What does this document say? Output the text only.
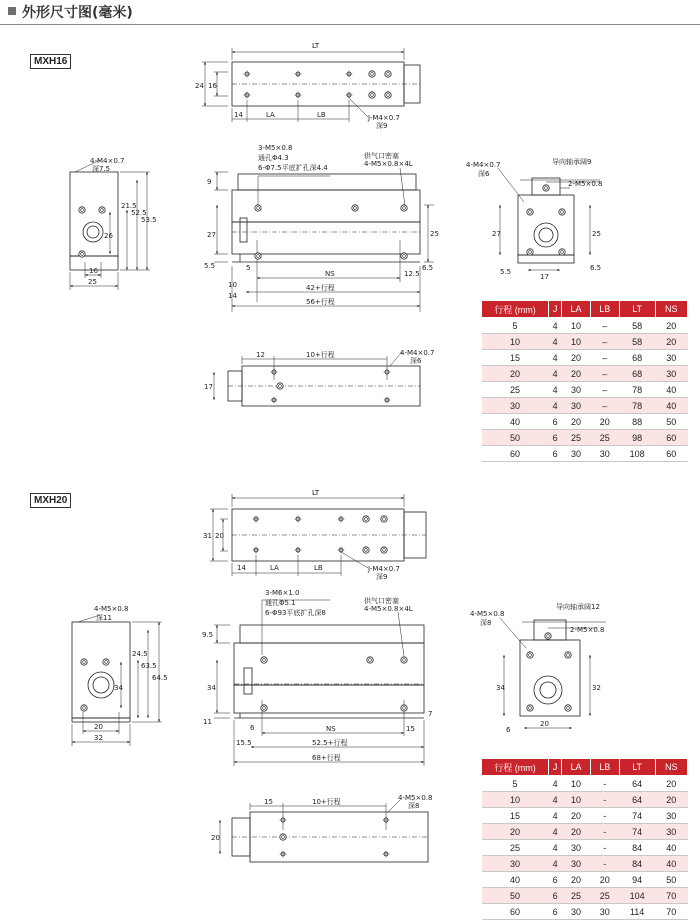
外形尺寸图(毫米)
MXH16
MXH20
LT
24 16
14	LA	LB	J-M4×0.7
深9
4-M4×0.7
深7.5
21.5
52.5
53.5
26
16
25
3-M5×0.8
通孔Φ4.3
6-Φ7.5平底扩孔深4.4
供气口密塞
4-M5×0.8×4L
9
27
5.5	5
25
NS	12.5
6.5
10
14
42+行程
56+行程
导向轴承阔9
4-M4×0.7
深6
2-M5×0.8
27	25
17
6.5
5.5
12	10+行程
17
4-M4×0.7
深6
LT
31 20
14	LA	LB	J-M4×0.7
深9
4-M5×0.8
深11
24.5
63.5
64.5
34
20
32
3-M6×1.0
通孔Φ5.1
6-Φ93平底扩孔深8
供气口密塞
4-M5×0.8×4L
9.5
34
11
6	NS	15
7
15.5	52.5+行程
68+行程
导向轴承阔12
4-M5×0.8
深8
2-M5×0.8
34	32
20
6
15	10+行程
20
4-M5×0.8
深8
行程 (mm)	J	LA	LB	LT	NS
5	4	10	–	58	20
10	4	10	–	58	20
15	4	20	–	68	30
20	4	20	–	68	30
25	4	30	–	78	40
30	4	30	–	78	40
40	6	20	20	88	50
50	6	25	25	98	60
60	6	30	30	108	60
行程 (mm)	J	LA	LB	LT	NS
5	4	10	-	64	20
10	4	10	-	64	20
15	4	20	-	74	30
20	4	20	-	74	30
25	4	30	-	84	40
30	4	30	-	84	40
40	6	20	20	94	50
50	6	25	25	104	70
60	6	30	30	114	70
